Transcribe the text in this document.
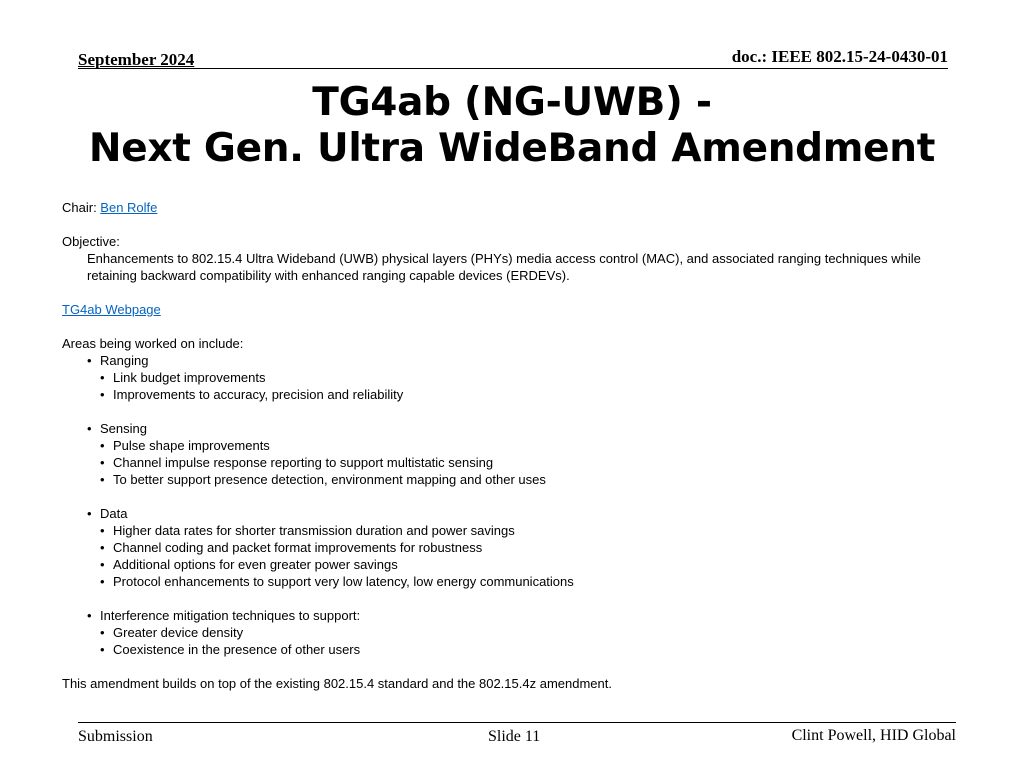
September 2024	doc.: IEEE 802.15-24-0430-01
TG4ab (NG-UWB) -
Next Gen. Ultra WideBand Amendment

Chair: Ben Rolfe

Objective:

Enhancements to 802.15.4 Ultra Wideband (UWB) physical layers (PHYs) media access control (MAC), and associated ranging techniques while retaining backward compatibility with enhanced ranging capable devices (ERDEVs).

TG4ab Webpage

Areas being worked on include:

• Ranging

• Link budget improvements

• Improvements to accuracy, precision and reliability

• Sensing

• Pulse shape improvements

• Channel impulse response reporting to support multistatic sensing

• To better support presence detection, environment mapping and other uses

• Data

• Higher data rates for shorter transmission duration and power savings

• Channel coding and packet format improvements for robustness

• Additional options for even greater power savings

• Protocol enhancements to support very low latency, low energy communications

• Interference mitigation techniques to support:

• Greater device density

• Coexistence in the presence of other users

This amendment builds on top of the existing 802.15.4 standard and the 802.15.4z amendment.

Submission	Slide 11	Clint Powell, HID Global
